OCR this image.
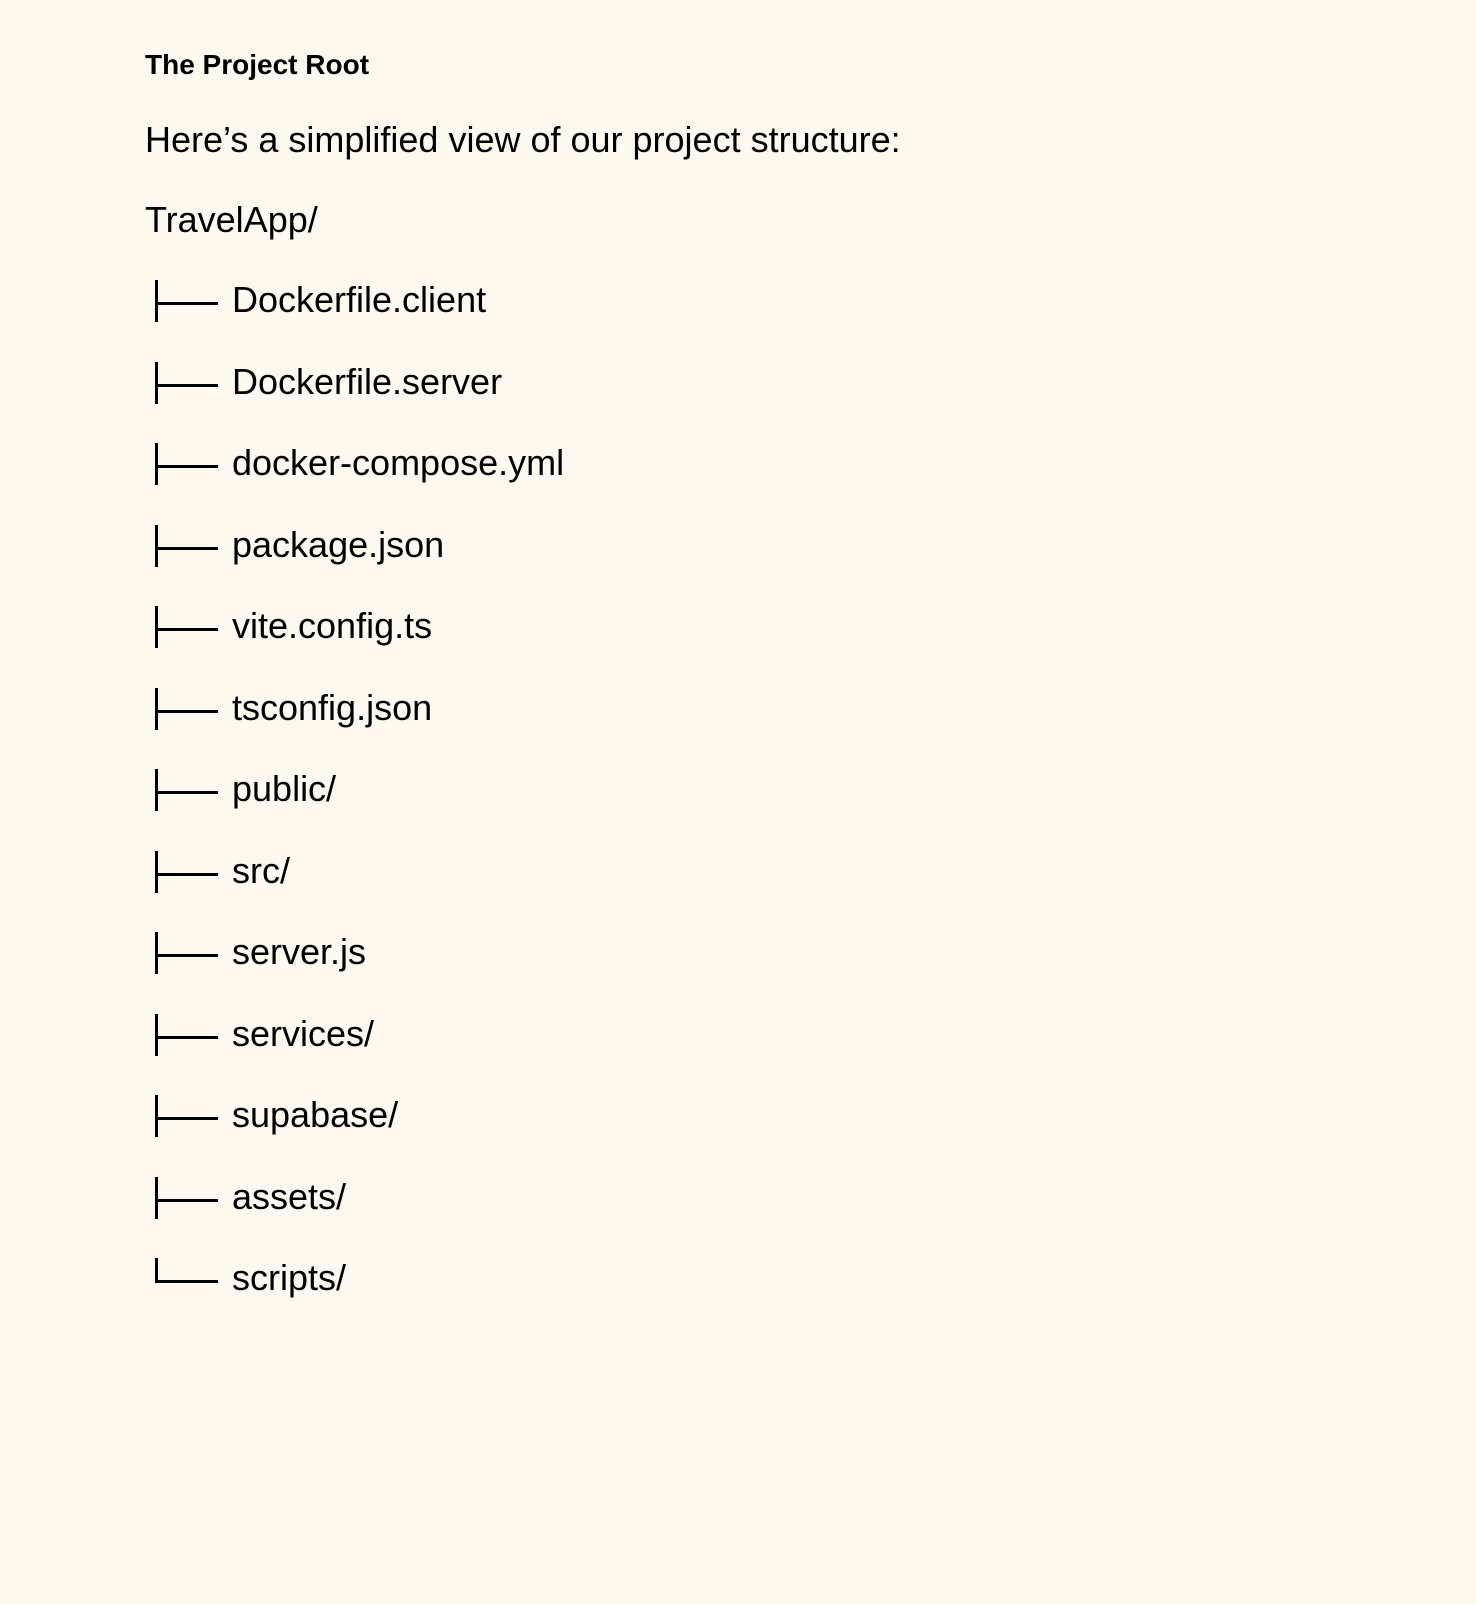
The Project Root

Here’s a simplified view of our project structure:

TravelApp/

Dockerfile.client
Dockerfile.server
docker-compose.yml
package.json
vite.config.ts
tsconfig.json
public/
src/
server.js
services/
supabase/
assets/
scripts/
